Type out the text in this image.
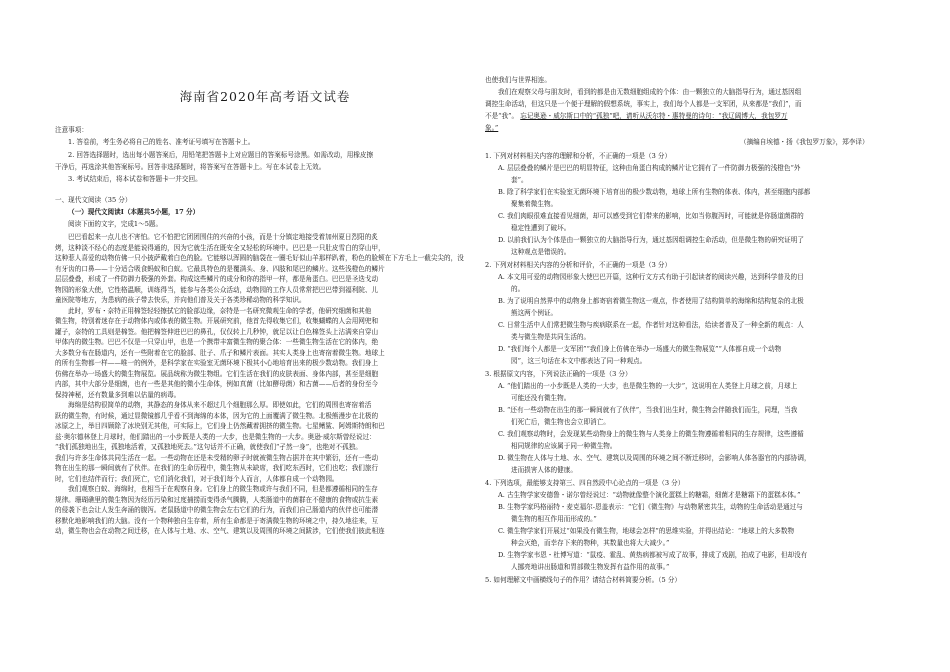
海南省2020年高考语文试卷
注意事项：
1. 答卷前，考生务必将自己的姓名、准考证号填写在答题卡上。
2. 回答选择题时，选出每小题答案后，用铅笔把答题卡上对应题目的答案标号涂黑。如需改动，用橡皮擦
干净后，再选涂其他答案标号。回答非选择题时，将答案写在答题卡上。写在本试卷上无效。
3. 考试结束后，将本试卷和答题卡一并交回。
一、现代文阅读（35 分）
（一）现代文阅读Ⅰ（本题共5小题，17 分）
阅读下面的文字，完成1～5题。
巴巴看起来一点儿也不害怕。它不怕把它团团围住的兴奋的小孩，而是十分镇定地接受着加州夏日烈阳的炙
烤，这种淡不经心的态度是能说得通的，因为它就生活在既安全又轻松的环境中。巴巴是一只肚皮雪白的穿山甲，
这种惹人喜爱的动物仿佛一只小披萨戴着白色的脸。它能够以浑圆的脑袋在一圈毛好似山羊那样趴着，粉色的脸颊在下方毛上一截尖尖的，没
有牙齿的口鼻——十分适合吸食蚂蚁和白蚁。它最具特色的是覆满头、身、四肢和尾巴的鳞片。这些浅橙色的鳞片
层层叠叠，形成了一件防御力极强的外套。构成这些鳞片的成分和你的指甲一样，都是角蛋白。巴巴是圣迭戈动
物园的形象大使，它性格温顺，训练得当，能参与各类公众活动，动物园的工作人员常常把巴巴带到福利院、儿
童医院等地方，为患病的孩子带去快乐，并向他们普及关于各类珍稀动物的科学知识。
此时，罗布・奈特正用棉签轻轻擦拭它的脸部边缘，奈特是一名研究微观生命的学者，他研究细菌和其他
微生物，特别着迷存在于动物体内或体表的微生物。开展研究前，他首先得收集它们，收集蝴蝶的人会用网兜和
罐子，奈特的工具则是棉签。他把棉签伸进巴巴的鼻孔，仅仅转上几秒钟，就足以让白色棉签头上沾满来自穿山
甲体内的微生物。巴巴不仅是一只穿山甲，也是一个携带丰富微生物的聚合体：一些微生物生活在它的体内，绝
大多数分布在肠道内，还有一些附着在它的脸部、肚子、爪子和鳞片表面。其实人类身上也寄宿着微生物。地球上
的所有生物都一样——唯一的例外，是科学家在实验室无菌环境下极其小心地培育出来的极少数动物。我们身上
仿佛在举办一场盛大的微生物展览。展品统称为微生物组。它们生活在我们的皮肤表面、身体内部，甚至是细胞
内部，其中大部分是细菌，也有一些是其他的微小生命体，例如真菌（比如酵母菌）和古菌——后者的身份至今
保持神秘，还有数量多到难以估量的病毒。
海绵是结构很简单的动物，其静态的身体从来不超过几个细胞那么厚。即使如此，它们的周围也寄宿着活
跃的微生物，有时候，通过显微镜都几乎看不到海绵的本体，因为它的上面覆满了微生物。北极熊漫步在北极的
冰原之上，举目四顾除了冰块别无其他，可实际上，它们身上仍然藏着拥挤的微生物。七星鳍鲨、阿姆斯特朗和巴
兹·奥尔德林登上月球时，他们踏出的一小步既是人类的一大步，也是微生物的一大步。奥逊·威尔斯曾经说过：
“我们孤独地出生，孤独地活着，又孤独地死去。”这句话并不正确，就使我们“孑然一身”，也绝对不孤独。
我们与许多生命体共同生活在一起。一些动物在还是未受精的卵子时就被微生物占据并在其中繁衍，还有一些动
物在出生的那一瞬间就有了伙伴。在我们的生命历程中，微生物从未缺席，我们吃东西时，它们也吃；我们旅行
时，它们也结伴而行；我们死亡，它们消化我们，对于我们每个人而言，人体都自成一个动物园。
我们观察白蚁、海绵时，也相当于在观察自身。它们身上的微生物或许与我们不同，但是都遵循相同的生存
规律。珊瑚礁里的微生物因为经历污染和过度捕捞而变得杀气腾腾，人类肠道中的菌群在不健康的食物或抗生素
的侵袭下也会让人发生奔涌的腹泻。老鼠肠道中的微生物会左右它们的行为，而我们自己肠道内的伙伴也可能潜
移默化地影响我们的大脑。没有一个物种独自生存着，所有生命都是于寄满微生物的环境之中，持久地往来，互
动，微生物也会在动物之间迁移，在人体与土地、水、空气、建筑以及周围的环境之间跋涉，它们使我们彼此相连
也使我们与世界相连。
我们在观察父母与朋友时，看到的都是由无数细胞组成的个体：由一颗独立的大脑指导行为，通过基因组
调控生命活动，但这只是一个便于理解的假想系统，事实上，我们每个人都是一支军团，从来都是“我们”，而
不是“我”。 忘记奥逊・威尔斯口中的“孤独”吧，请听从沃尔特・惠特曼的诗句：“我辽阔博大，我包罗万
象。”
（摘编自埃德・扬《我包罗万象》，郑李译）
1. 下列对材料相关内容的理解和分析，不正确的一项是（3 分）
A. 层层叠叠的鳞片是巴巴的明显特征，这种由角蛋白构成的鳞片让它拥有了一件防御力极强的浅橙色“外
套”。
B. 除了科学家们在实验室无菌环境下培育出的极少数动物，地球上所有生物的体表、体内，甚至细胞内部都
聚集着微生物。
C. 我们肉眼很难直接看见细菌，却可以感受到它们带来的影响，比如当你腹泻时，可能就是你肠道菌群的
稳定性遭到了破坏。
D. 以前我们认为个体是由一颗独立的大脑指导行为，通过基因组调控生命活动，但是微生物的研究证明了
这种观点是错误的。
2. 下列对材料相关内容的分析和评价，不正确的一项是（3 分）
A. 本文用可爱的动物园形象大使巴巴开篇，这种行文方式有助于引起读者的阅读兴趣，达到科学普及的目
的。
B. 为了说明自然界中的动物身上都寄宿着微生物这一观点，作者使用了结构简单的海绵和结构复杂的北极
熊这两个例证。
C. 日常生活中人们常把微生物与疾病联系在一起，作者针对这种看法，给读者普及了一种全新的观点：人
类与微生物是共同生活的。
D. “我们每个人都是一支军团”“我们身上仿佛在举办一场盛大的微生物展览”“人体都自成一个动物
园”，这三句话在本文中都表达了同一种观点。
3. 根据原文内容，下列说法正确的一项是（3 分）
A. “他们踏出的一小步既是人类的一大步，也是微生物的一大步”，这说明在人类登上月球之前，月球上
可能还没有微生物。
B. “还有一些动物在出生的那一瞬间就有了伙伴”，当我们出生时，微生物会伴随我们而生，同理，当我
们死亡后，微生物也会立即消亡。
C. 我们观察动物时，会发现某些动物身上的微生物与人类身上的微生物遵循着相同的生存规律，这些遵循
相同规律的应该属于同一种微生物。
D. 微生物在人体与土地、水、空气、建筑以及周围的环境之间不断迁移时，会影响人体各器官的内部协调，
进而损害人体的健康。
4. 下列选项，最能够支持第三、四自然段中心论点的一项是（3 分）
A. 古生物学家安德鲁・诺尔曾经说过：“动物就像整个演化蛋糕上的糖霜，细菌才是糖霜下的蛋糕本体。”
B. 生物学家玛格丽特・麦克福尔-恩盖表示：“它们《微生物》与动物紧密共生，动物的生命活动是通过与
微生物的相互作用而形成的。”
C. 微生物学家们开展过“如果没有微生物，地球会怎样”的思维实验，并得出结论：“地球上的大多数物
种会灭绝，而幸存下来的物种，其数量也将大大减少。”
D. 生物学家韦恩・杜博写道：“鼠疫、霍乱、黄热病都被写成了故事，排成了戏剧，拍成了电影，但却没有
人挪亮地讲出肠道和胃部微生物发挥有益作用的故事。”
5. 如何理解文中画横线句子的作用？请结合材料简要分析。（5 分）
